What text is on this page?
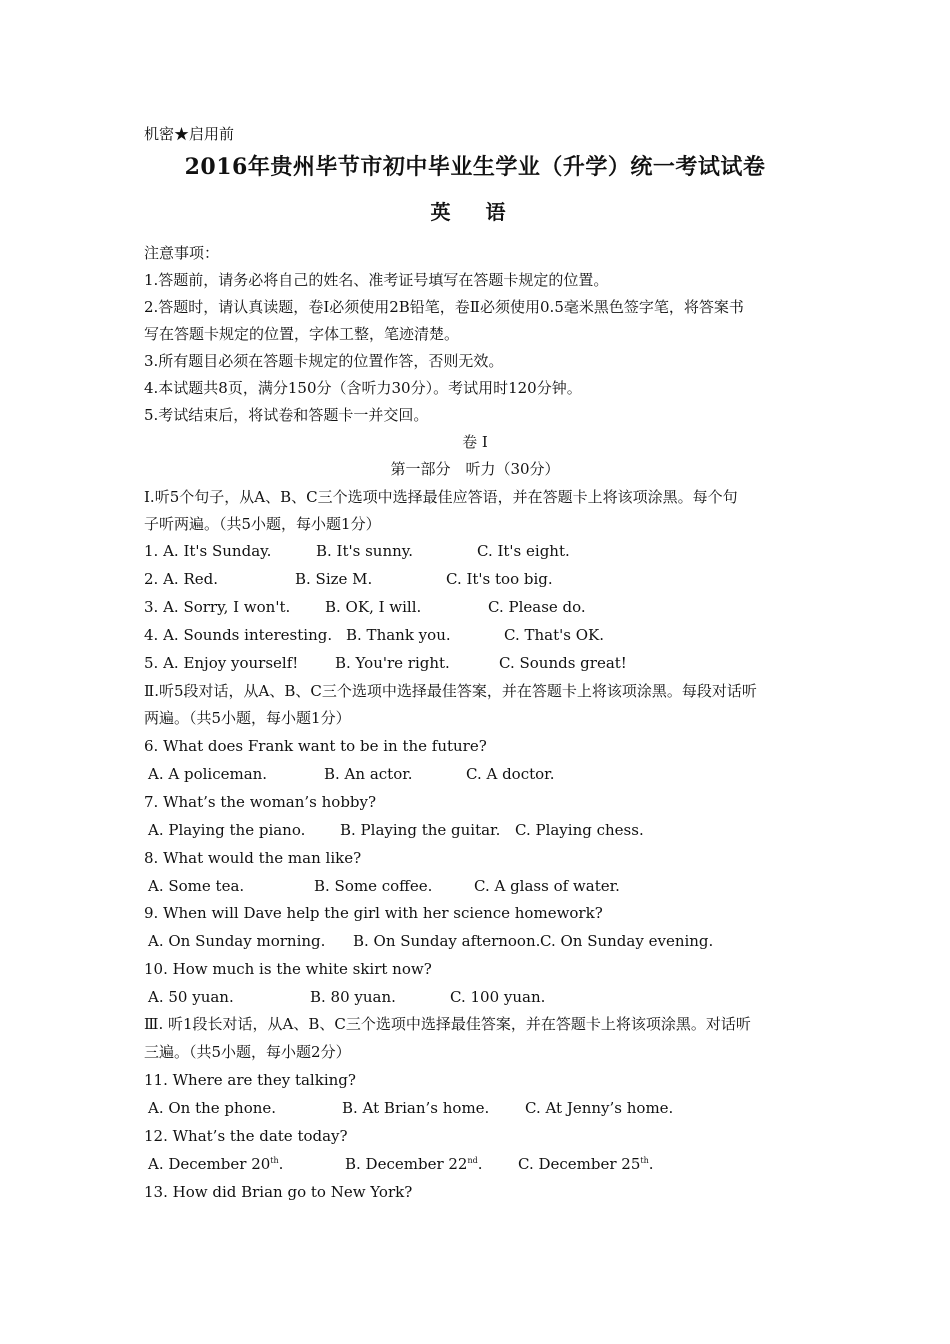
机密★启用前
2016年贵州毕节市初中毕业生学业（升学）统一考试试卷
英 语
注意事项：
1.答题前，请务必将自己的姓名、准考证号填写在答题卡规定的位置。
2.答题时，请认真读题，卷Ⅰ必须使用2B铅笔，卷Ⅱ必须使用0.5毫米黑色签字笔，将答案书
写在答题卡规定的位置，字体工整，笔迹清楚。
3.所有题目必须在答题卡规定的位置作答，否则无效。
4.本试题共8页，满分150分（含听力30分）。考试用时120分钟。
5.考试结束后，将试卷和答题卡一并交回。
卷 Ⅰ
第一部分　听力（30分）
Ⅰ.听5个句子，从A、B、C三个选项中选择最佳应答语，并在答题卡上将该项涂黑。每个句
子听两遍。（共5小题，每小题1分）
1. A. It's Sunday.	B. It's sunny.	C. It's eight.
2. A. Red.	B. Size M.	C. It's too big.
3. A. Sorry, I won't. B. OK, I will.	C. Please do.
4. A. Sounds interesting. B. Thank you.	C. That's OK.
5. A. Enjoy yourself! B. You're right.	C. Sounds great!
Ⅱ.听5段对话，从A、B、C三个选项中选择最佳答案，并在答题卡上将该项涂黑。每段对话听
两遍。（共5小题，每小题1分）
6. What does Frank want to be in the future?
A. A policeman.	B. An actor.	C. A doctor.
7. What’s the woman’s hobby?
A. Playing the piano. B. Playing the guitar. C. Playing chess.
8. What would the man like?
A. Some tea.	B. Some coffee.	C. A glass of water.
9. When will Dave help the girl with her science homework?
A. On Sunday morning. B. On Sunday afternoon. C. On Sunday evening.
10. How much is the white skirt now?
A. 50 yuan.	B. 80 yuan.	C. 100 yuan.
Ⅲ. 听1段长对话，从A、B、C三个选项中选择最佳答案，并在答题卡上将该项涂黑。对话听
三遍。（共5小题，每小题2分）
11. Where are they talking?
A. On the phone.	B. At Brian’s home. C. At Jenny’s home.
12. What’s the date today?
A. December 20th.	B. December 22nd. C. December 25th.
13. How did Brian go to New York?
